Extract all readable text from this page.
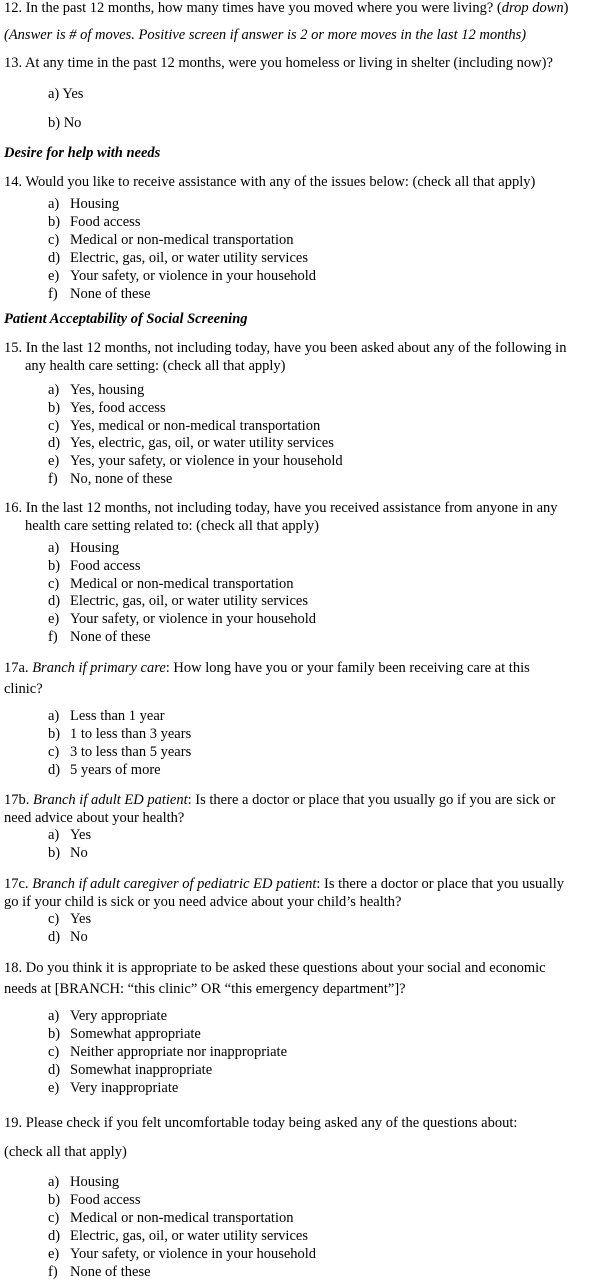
12. In the past 12 months, how many times have you moved where you were living? (drop down)
(Answer is # of moves. Positive screen if answer is 2 or more moves in the last 12 months)
13. At any time in the past 12 months, were you homeless or living in shelter (including now)?
a) Yes
b) No
Desire for help with needs
14. Would you like to receive assistance with any of the issues below: (check all that apply)
a) Housing
b) Food access
c) Medical or non-medical transportation
d) Electric, gas, oil, or water utility services
e) Your safety, or violence in your household
f) None of these
Patient Acceptability of Social Screening
15. In the last 12 months, not including today, have you been asked about any of the following in
any health care setting: (check all that apply)
a) Yes, housing
b) Yes, food access
c) Yes, medical or non-medical transportation
d) Yes, electric, gas, oil, or water utility services
e) Yes, your safety, or violence in your household
f) No, none of these
16. In the last 12 months, not including today, have you received assistance from anyone in any
health care setting related to: (check all that apply)
a) Housing
b) Food access
c) Medical or non-medical transportation
d) Electric, gas, oil, or water utility services
e) Your safety, or violence in your household
f) None of these
17a. Branch if primary care: How long have you or your family been receiving care at this
clinic?
a) Less than 1 year
b) 1 to less than 3 years
c) 3 to less than 5 years
d) 5 years of more
17b. Branch if adult ED patient: Is there a doctor or place that you usually go if you are sick or
need advice about your health?
a) Yes
b) No
17c. Branch if adult caregiver of pediatric ED patient: Is there a doctor or place that you usually
go if your child is sick or you need advice about your child’s health?
c) Yes
d) No
18. Do you think it is appropriate to be asked these questions about your social and economic
needs at [BRANCH: “this clinic” OR “this emergency department”]?
a) Very appropriate
b) Somewhat appropriate
c) Neither appropriate nor inappropriate
d) Somewhat inappropriate
e) Very inappropriate
19. Please check if you felt uncomfortable today being asked any of the questions about:
(check all that apply)
a) Housing
b) Food access
c) Medical or non-medical transportation
d) Electric, gas, oil, or water utility services
e) Your safety, or violence in your household
f) None of these
